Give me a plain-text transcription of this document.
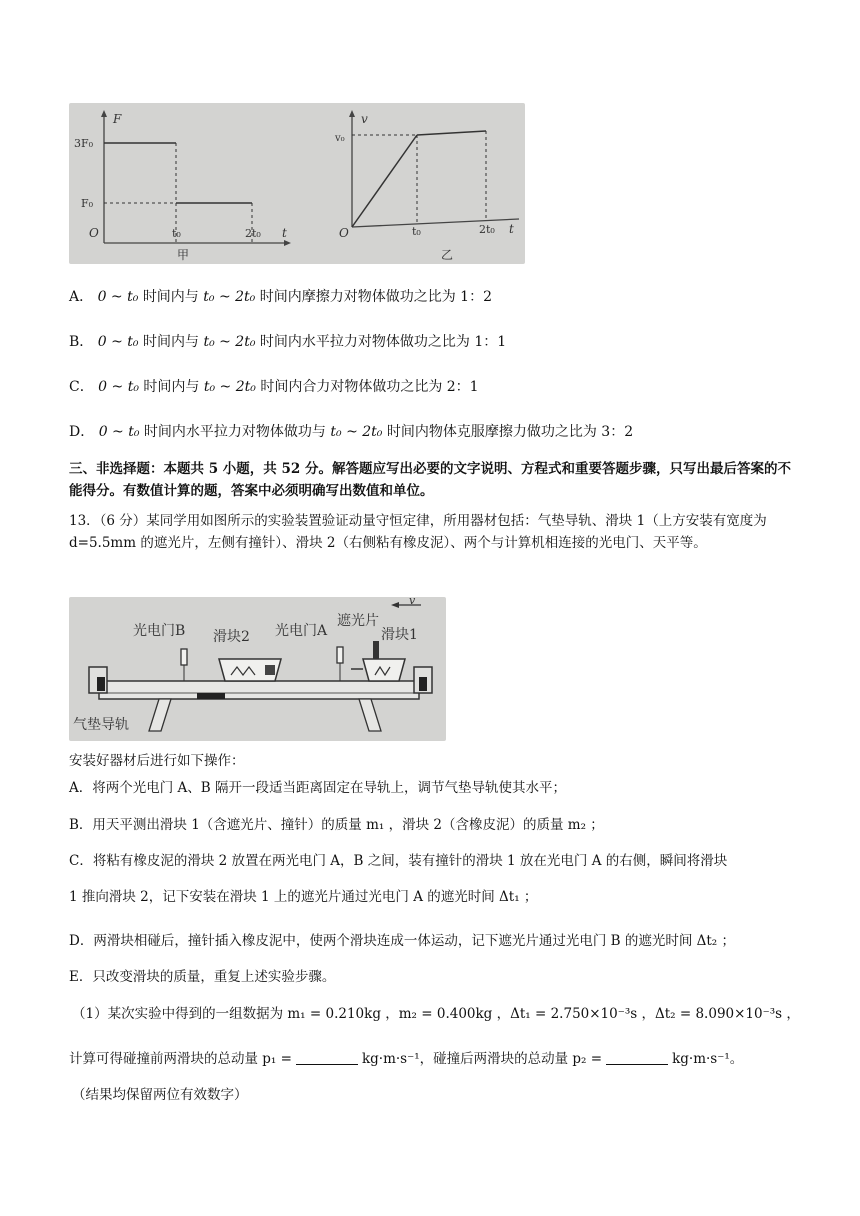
F
3F₀
F₀
O	t₀	2t₀ t
甲
v
v₀
O	t₀	2t₀ t
乙
A． 0 ~ t₀ 时间内与 t₀ ~ 2t₀ 时间内摩擦力对物体做功之比为 1：2
B． 0 ~ t₀ 时间内与 t₀ ~ 2t₀ 时间内水平拉力对物体做功之比为 1：1
C． 0 ~ t₀ 时间内与 t₀ ~ 2t₀ 时间内合力对物体做功之比为 2：1
D． 0 ~ t₀ 时间内水平拉力对物体做功与 t₀ ~ 2t₀ 时间内物体克服摩擦力做功之比为 3：2
三、非选择题：本题共 5 小题，共 52 分。解答题应写出必要的文字说明、方程式和重要答题步骤，只写出最后答案的不能得分。有数值计算的题，答案中必须明确写出数值和单位。
13．（6 分）某同学用如图所示的实验装置验证动量守恒定律，所用器材包括：气垫导轨、滑块 1（上方安装有宽度为 d=5.5mm 的遮光片，左侧有撞针）、滑块 2（右侧粘有橡皮泥）、两个与计算机相连接的光电门、天平等。
v
光电门B 滑块2 光电门A
遮光片
滑块1
气垫导轨
安装好器材后进行如下操作：
A．将两个光电门 A、B 隔开一段适当距离固定在导轨上，调节气垫导轨使其水平；
B．用天平测出滑块 1（含遮光片、撞针）的质量 m₁ ，滑块 2（含橡皮泥）的质量 m₂ ；
C．将粘有橡皮泥的滑块 2 放置在两光电门 A，B 之间，装有撞针的滑块 1 放在光电门 A 的右侧，瞬间将滑块
1 推向滑块 2，记下安装在滑块 1 上的遮光片通过光电门 A 的遮光时间 Δt₁ ；
D．两滑块相碰后，撞针插入橡皮泥中，使两个滑块连成一体运动，记下遮光片通过光电门 B 的遮光时间 Δt₂ ；
E．只改变滑块的质量，重复上述实验步骤。
（1）某次实验中得到的一组数据为 m₁ = 0.210kg ，m₂ = 0.400kg ，Δt₁ = 2.750×10⁻³s ，Δt₂ = 8.090×10⁻³s ，
计算可得碰撞前两滑块的总动量 p₁ =	kg·m·s⁻¹，碰撞后两滑块的总动量 p₂ =	kg·m·s⁻¹。
（结果均保留两位有效数字）
